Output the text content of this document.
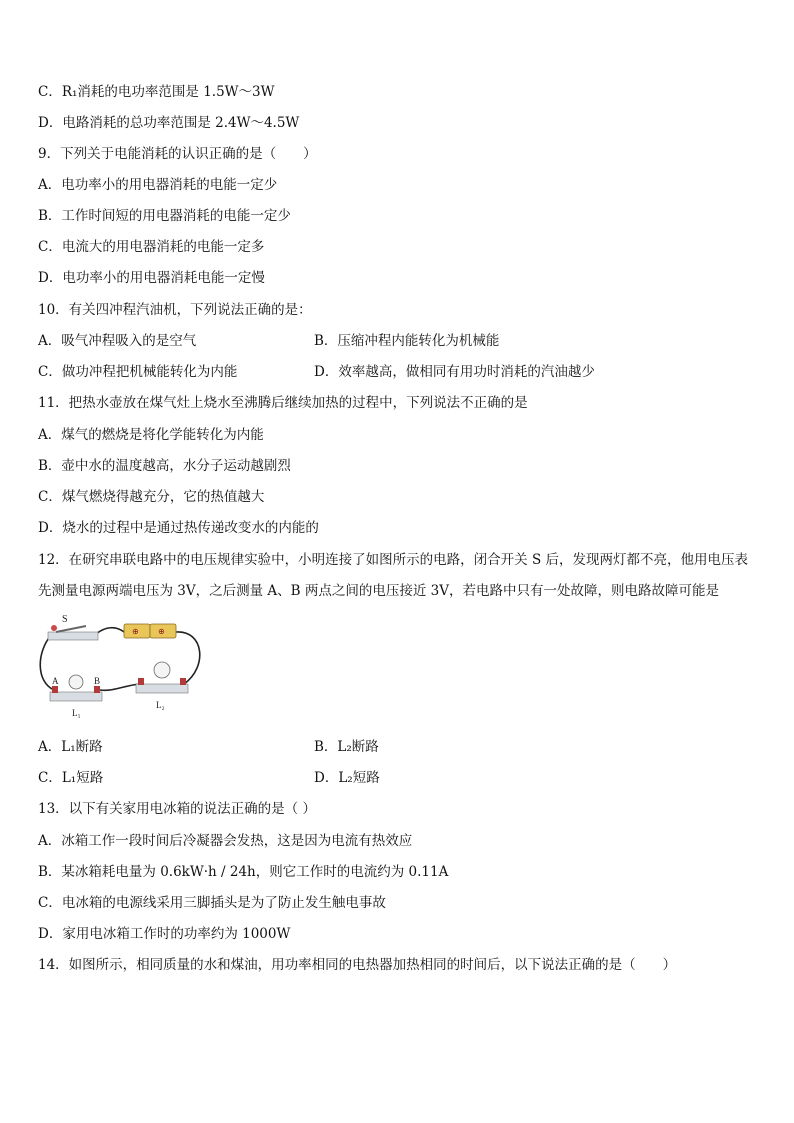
C．R₁消耗的电功率范围是 1.5W～3W
D．电路消耗的总功率范围是 2.4W～4.5W
9．下列关于电能消耗的认识正确的是（　　）
A．电功率小的用电器消耗的电能一定少
B．工作时间短的用电器消耗的电能一定少
C．电流大的用电器消耗的电能一定多
D．电功率小的用电器消耗电能一定慢
10．有关四冲程汽油机，下列说法正确的是：
A．吸气冲程吸入的是空气	B．压缩冲程内能转化为机械能
C．做功冲程把机械能转化为内能	D．效率越高，做相同有用功时消耗的汽油越少
11．把热水壶放在煤气灶上烧水至沸腾后继续加热的过程中，下列说法不正确的是
A．煤气的燃烧是将化学能转化为内能
B．壶中水的温度越高，水分子运动越剧烈
C．煤气燃烧得越充分，它的热值越大
D．烧水的过程中是通过热传递改变水的内能的
12．在研究串联电路中的电压规律实验中，小明连接了如图所示的电路，闭合开关 S 后，发现两灯都不亮，他用电压表先测量电源两端电压为 3V，之后测量 A、B 两点之间的电压接近 3V，若电路中只有一处故障，则电路故障可能是
S
⊕ ⊕
A	B
L₁
L₂
A．L₁断路	B．L₂断路
C．L₁短路	D．L₂短路
13．以下有关家用电冰箱的说法正确的是（ ）
A．冰箱工作一段时间后冷凝器会发热，这是因为电流有热效应
B．某冰箱耗电量为 0.6kW·h / 24h，则它工作时的电流约为 0.11A
C．电冰箱的电源线采用三脚插头是为了防止发生触电事故
D．家用电冰箱工作时的功率约为 1000W
14．如图所示，相同质量的水和煤油，用功率相同的电热器加热相同的时间后，以下说法正确的是（　　）
